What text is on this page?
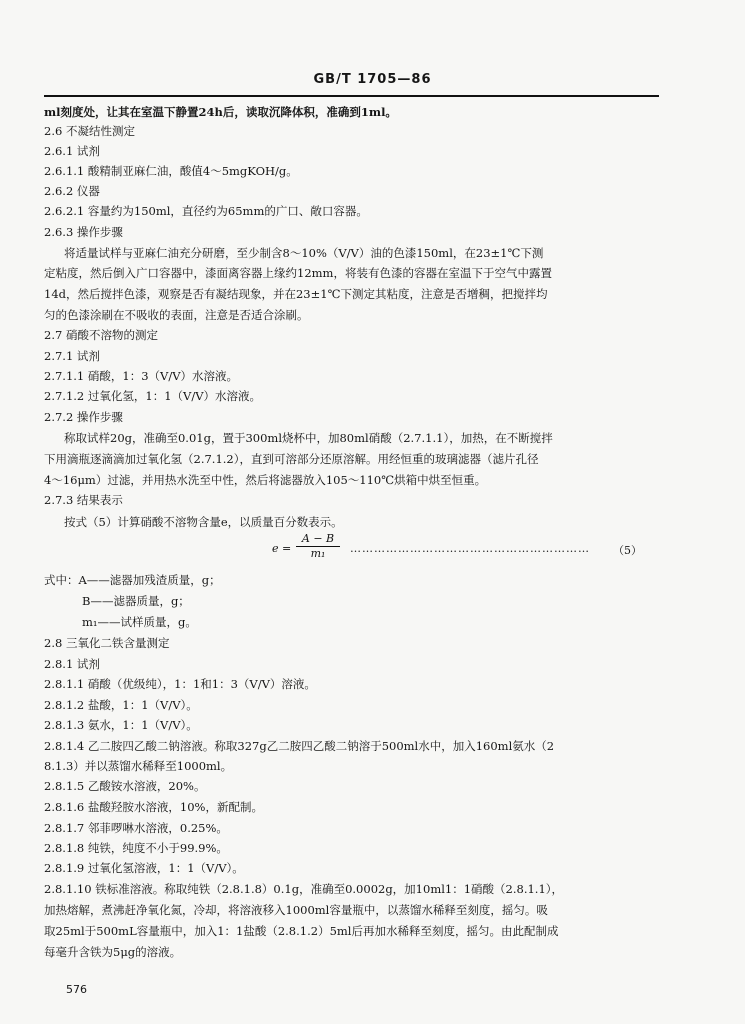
GB/T 1705—86
ml刻度处，让其在室温下静置24h后，读取沉降体积，准确到1ml。
2.6 不凝结性测定
2.6.1 试剂
2.6.1.1 酸精制亚麻仁油，酸值4～5mgKOH/g。
2.6.2 仪器
2.6.2.1 容量约为150ml，直径约为65mm的广口、敞口容器。
2.6.3 操作步骤
将适量试样与亚麻仁油充分研磨，至少制含8～10%（V/V）油的色漆150ml，在23±1℃下测
定粘度，然后倒入广口容器中，漆面离容器上缘约12mm，将装有色漆的容器在室温下于空气中露置
14d，然后搅拌色漆，观察是否有凝结现象，并在23±1℃下测定其粘度，注意是否增稠，把搅拌均
匀的色漆涂刷在不吸收的表面，注意是否适合涂刷。
2.7 硝酸不溶物的测定
2.7.1 试剂
2.7.1.1 硝酸，1：3（V/V）水溶液。
2.7.1.2 过氧化氢，1：1（V/V）水溶液。
2.7.2 操作步骤
称取试样20g，准确至0.01g，置于300ml烧杯中，加80ml硝酸（2.7.1.1），加热，在不断搅拌
下用滴瓶逐滴滴加过氧化氢（2.7.1.2），直到可溶部分还原溶解。用经恒重的玻璃滤器（滤片孔径
4～16μm）过滤，并用热水洗至中性，然后将滤器放入105～110℃烘箱中烘至恒重。
2.7.3 结果表示
按式（5）计算硝酸不溶物含量e，以质量百分数表示。
式中：A——滤器加残渣质量，g；
B——滤器质量，g；
m₁——试样质量，g。
2.8 三氧化二铁含量测定
2.8.1 试剂
2.8.1.1 硝酸（优级纯），1：1和1：3（V/V）溶液。
2.8.1.2 盐酸，1：1（V/V）。
2.8.1.3 氨水，1：1（V/V）。
2.8.1.4 乙二胺四乙酸二钠溶液。称取327g乙二胺四乙酸二钠溶于500ml水中，加入160ml氨水（2
8.1.3）并以蒸馏水稀释至1000ml。
2.8.1.5 乙酸铵水溶液，20%。
2.8.1.6 盐酸羟胺水溶液，10%，新配制。
2.8.1.7 邻菲啰啉水溶液，0.25%。
2.8.1.8 纯铁，纯度不小于99.9%。
2.8.1.9 过氧化氢溶液，1：1（V/V）。
2.8.1.10 铁标准溶液。称取纯铁（2.8.1.8）0.1g，准确至0.0002g，加10ml1：1硝酸（2.8.1.1），
加热熔解，煮沸赶净氧化氮，冷却，将溶液移入1000ml容量瓶中，以蒸馏水稀释至刻度，摇匀。吸
取25ml于500mL容量瓶中，加入1：1盐酸（2.8.1.2）5ml后再加水稀释至刻度，摇匀。由此配制成
每毫升含铁为5μg的溶液。
$e = \frac{A - B}{\text{m₁}}$ …………………………………………………… （5）
576
